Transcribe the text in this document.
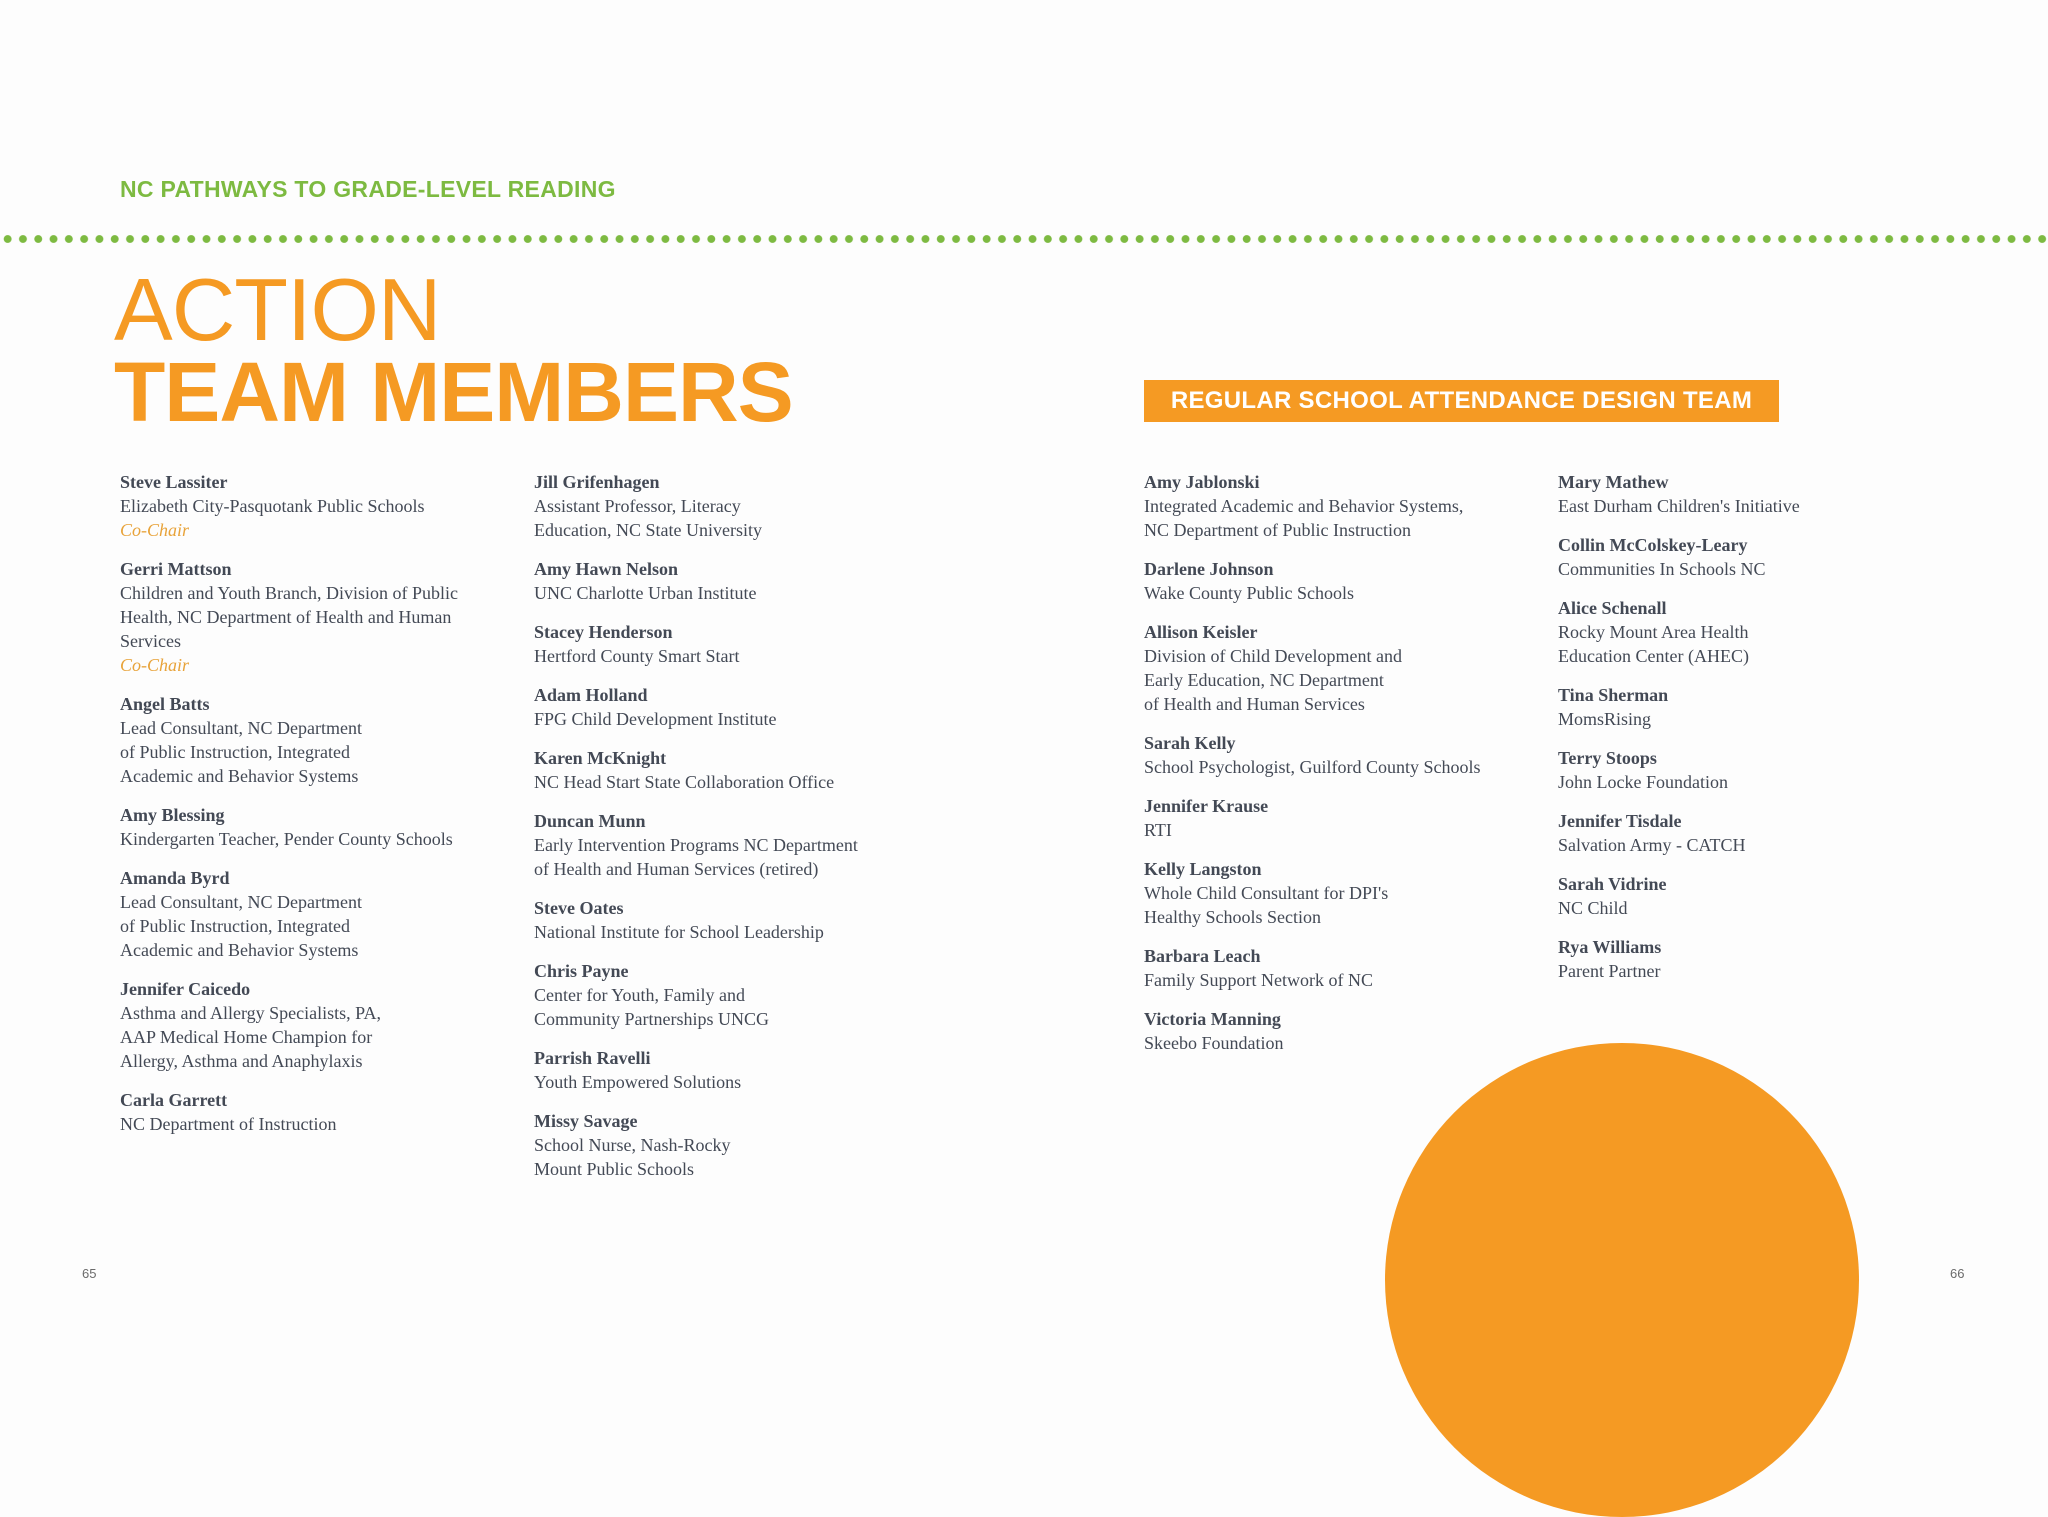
NC PATHWAYS TO GRADE-LEVEL READING
ACTION
TEAM MEMBERS	REGULAR SCHOOL ATTENDANCE DESIGN TEAM
Steve Lassiter
Elizabeth City-Pasquotank Public Schools
Co-Chair
Gerri Mattson
Children and Youth Branch, Division of Public
Health, NC Department of Health and Human
Services
Co-Chair
Angel Batts
Lead Consultant, NC Department
of Public Instruction, Integrated
Academic and Behavior Systems
Amy Blessing
Kindergarten Teacher, Pender County Schools
Amanda Byrd
Lead Consultant, NC Department
of Public Instruction, Integrated
Academic and Behavior Systems
Jennifer Caicedo
Asthma and Allergy Specialists, PA,
AAP Medical Home Champion for
Allergy, Asthma and Anaphylaxis
Carla Garrett
NC Department of Instruction
Jill Grifenhagen
Assistant Professor, Literacy
Education, NC State University
Amy Hawn Nelson
UNC Charlotte Urban Institute
Stacey Henderson
Hertford County Smart Start
Adam Holland
FPG Child Development Institute
Karen McKnight
NC Head Start State Collaboration Office
Duncan Munn
Early Intervention Programs NC Department
of Health and Human Services (retired)
Steve Oates
National Institute for School Leadership
Chris Payne
Center for Youth, Family and
Community Partnerships UNCG
Parrish Ravelli
Youth Empowered Solutions
Missy Savage
School Nurse, Nash-Rocky
Mount Public Schools
Amy Jablonski
Integrated Academic and Behavior Systems,
NC Department of Public Instruction
Darlene Johnson
Wake County Public Schools
Allison Keisler
Division of Child Development and
Early Education, NC Department
of Health and Human Services
Sarah Kelly
School Psychologist, Guilford County Schools
Jennifer Krause
RTI
Kelly Langston
Whole Child Consultant for DPI's
Healthy Schools Section
Barbara Leach
Family Support Network of NC
Victoria Manning
Skeebo Foundation
Mary Mathew
East Durham Children's Initiative
Collin McColskey-Leary
Communities In Schools NC
Alice Schenall
Rocky Mount Area Health
Education Center (AHEC)
Tina Sherman
MomsRising
Terry Stoops
John Locke Foundation
Jennifer Tisdale
Salvation Army - CATCH
Sarah Vidrine
NC Child
Rya Williams
Parent Partner
65	66
